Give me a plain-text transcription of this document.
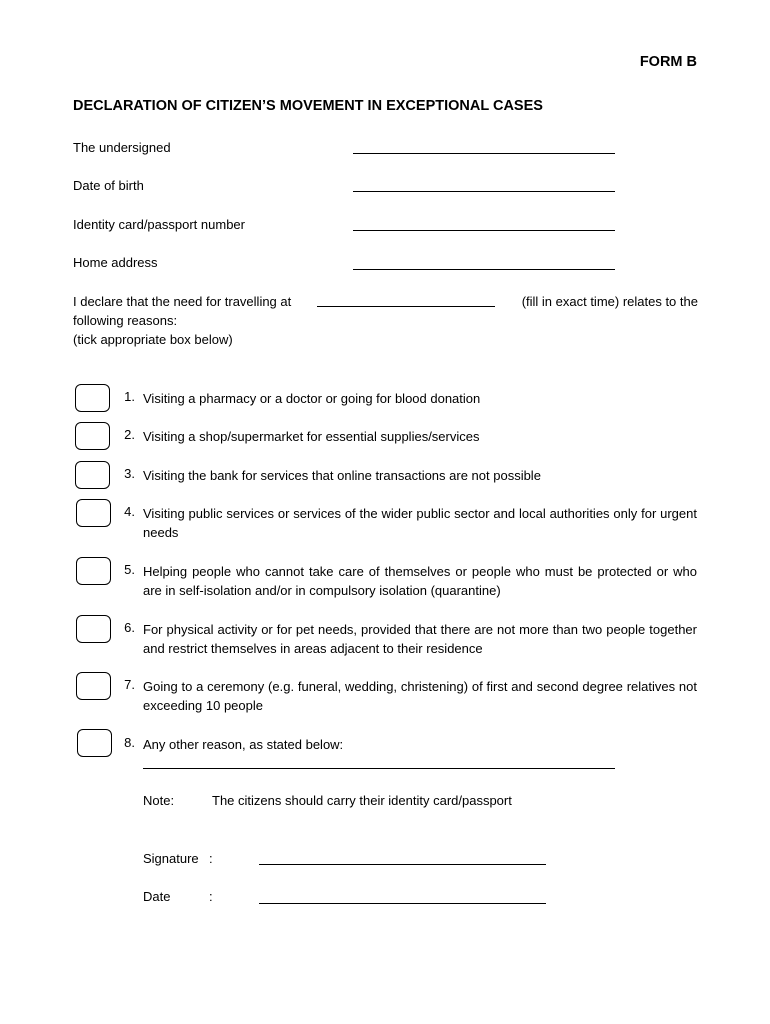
FORM B
DECLARATION OF CITIZEN’S MOVEMENT IN EXCEPTIONAL CASES
The undersigned
Date of birth
Identity card/passport number
Home address
I declare that the need for travelling at	(fill in exact time) relates to the
following reasons:
(tick appropriate box below)
1. Visiting a pharmacy or a doctor or going for blood donation
2. Visiting a shop/supermarket for essential supplies/services
3. Visiting the bank for services that online transactions are not possible
4. Visiting public services or services of the wider public sector and local authorities only for urgent needs
5. Helping people who cannot take care of themselves or people who must be protected or who are in self-isolation and/or in compulsory isolation (quarantine)
6. For physical activity or for pet needs, provided that there are not more than two people together and restrict themselves in areas adjacent to their residence
7. Going to a ceremony (e.g. funeral, wedding, christening) of first and second degree relatives not exceeding 10 people
8. Any other reason, as stated below:
Note:	The citizens should carry their identity card/passport
Signature :
Date	:
